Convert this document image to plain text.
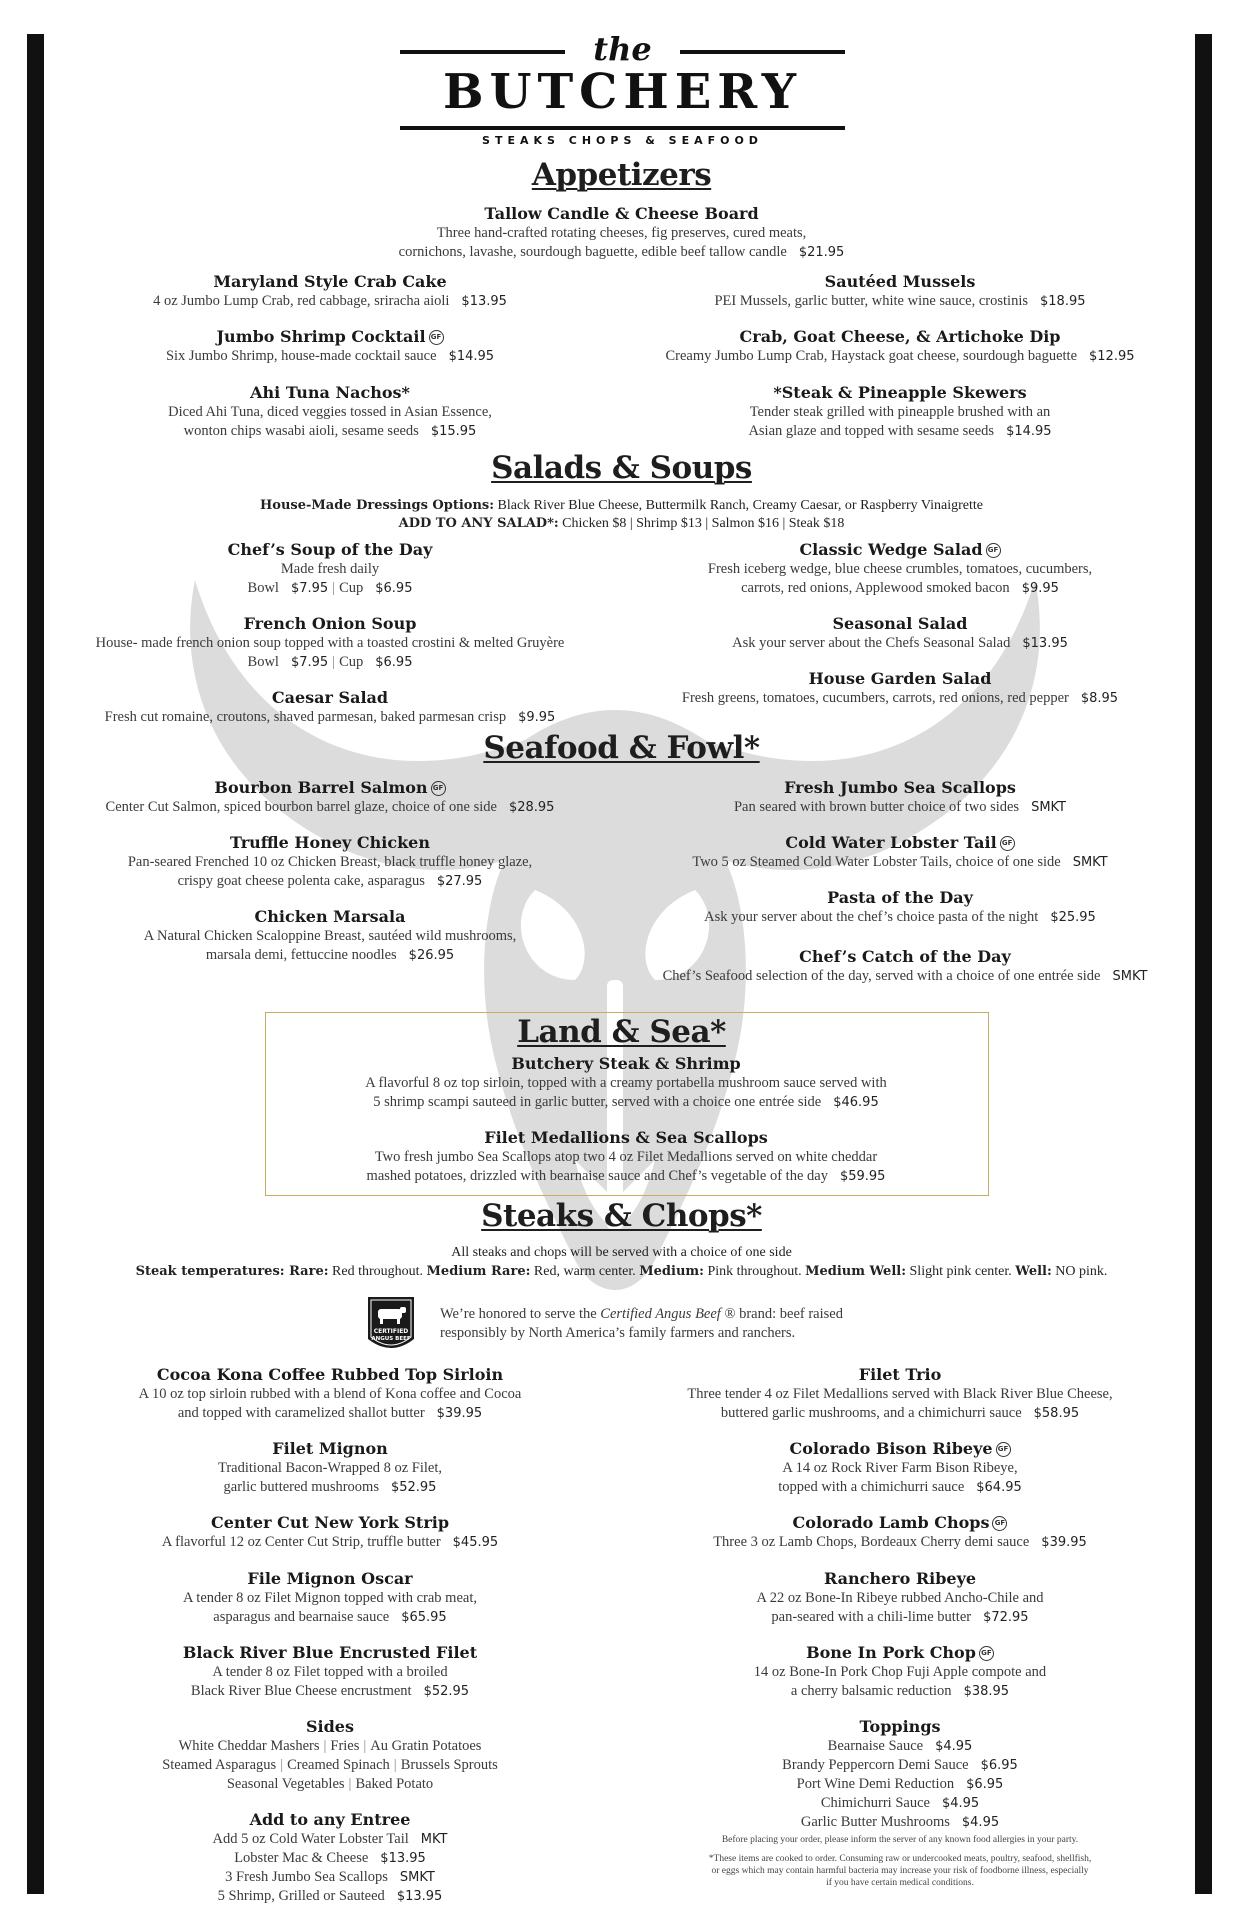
the
BUTCHERY
STEAKS CHOPS & SEAFOOD
Appetizers
Tallow Candle & Cheese Board
Three hand-crafted rotating cheeses, fig preserves, cured meats,
cornichons, lavashe, sourdough baguette, edible beef tallow candle $21.95
Maryland Style Crab Cake
4 oz Jumbo Lump Crab, red cabbage, sriracha aioli $13.95
Sautéed Mussels
PEI Mussels, garlic butter, white wine sauce, crostinis $18.95
Jumbo Shrimp Cocktail GF
Six Jumbo Shrimp, house-made cocktail sauce $14.95
Crab, Goat Cheese, & Artichoke Dip
Creamy Jumbo Lump Crab, Haystack goat cheese, sourdough baguette $12.95
Ahi Tuna Nachos*
Diced Ahi Tuna, diced veggies tossed in Asian Essence,
wonton chips wasabi aioli, sesame seeds $15.95
*Steak & Pineapple Skewers
Tender steak grilled with pineapple brushed with an
Asian glaze and topped with sesame seeds $14.95
Salads & Soups
House-Made Dressings Options: Black River Blue Cheese, Buttermilk Ranch, Creamy Caesar, or Raspberry Vinaigrette
ADD TO ANY SALAD*: Chicken $8 | Shrimp $13 | Salmon $16 | Steak $18
Chef’s Soup of the Day
Made fresh daily
Bowl $7.95 | Cup $6.95
Classic Wedge Salad GF
Fresh iceberg wedge, blue cheese crumbles, tomatoes, cucumbers,
carrots, red onions, Applewood smoked bacon $9.95
French Onion Soup
House- made french onion soup topped with a toasted crostini & melted Gruyère
Bowl $7.95 | Cup $6.95
Seasonal Salad
Ask your server about the Chefs Seasonal Salad $13.95
House Garden Salad
Fresh greens, tomatoes, cucumbers, carrots, red onions, red pepper $8.95
Caesar Salad
Fresh cut romaine, croutons, shaved parmesan, baked parmesan crisp $9.95
Seafood & Fowl*
Bourbon Barrel Salmon GF
Center Cut Salmon, spiced bourbon barrel glaze, choice of one side $28.95
Fresh Jumbo Sea Scallops
Pan seared with brown butter choice of two sides SMKT
Truffle Honey Chicken
Pan-seared Frenched 10 oz Chicken Breast, black truffle honey glaze,
crispy goat cheese polenta cake, asparagus $27.95
Cold Water Lobster Tail GF
Two 5 oz Steamed Cold Water Lobster Tails, choice of one side SMKT
Pasta of the Day
Ask your server about the chef’s choice pasta of the night $25.95
Chicken Marsala
A Natural Chicken Scaloppine Breast, sautéed wild mushrooms,
marsala demi, fettuccine noodles $26.95	Chef’s Catch of the Day
Chef’s Seafood selection of the day, served with a choice of one entrée side SMKT
Land & Sea*
Butchery Steak & Shrimp
A flavorful 8 oz top sirloin, topped with a creamy portabella mushroom sauce served with
5 shrimp scampi sauteed in garlic butter, served with a choice one entrée side $46.95
Filet Medallions & Sea Scallops
Two fresh jumbo Sea Scallops atop two 4 oz Filet Medallions served on white cheddar
mashed potatoes, drizzled with bearnaise sauce and Chef’s vegetable of the day $59.95
Steaks & Chops*
All steaks and chops will be served with a choice of one side
Steak temperatures: Rare: Red throughout. Medium Rare: Red, warm center. Medium: Pink throughout. Medium Well: Slight pink center. Well: NO pink.
CERTIFIED
ANGUS BEEF
We’re honored to serve the Certified Angus Beef ® brand: beef raised
responsibly by North America’s family farmers and ranchers.
Cocoa Kona Coffee Rubbed Top Sirloin
A 10 oz top sirloin rubbed with a blend of Kona coffee and Cocoa
and topped with caramelized shallot butter $39.95
Filet Trio
Three tender 4 oz Filet Medallions served with Black River Blue Cheese,
buttered garlic mushrooms, and a chimichurri sauce $58.95
Filet Mignon
Traditional Bacon-Wrapped 8 oz Filet,
garlic buttered mushrooms $52.95
Colorado Bison Ribeye GF
A 14 oz Rock River Farm Bison Ribeye,
topped with a chimichurri sauce $64.95
Center Cut New York Strip
A flavorful 12 oz Center Cut Strip, truffle butter $45.95
Colorado Lamb Chops GF
Three 3 oz Lamb Chops, Bordeaux Cherry demi sauce $39.95
File Mignon Oscar
A tender 8 oz Filet Mignon topped with crab meat,
asparagus and bearnaise sauce $65.95
Ranchero Ribeye
A 22 oz Bone-In Ribeye rubbed Ancho-Chile and
pan-seared with a chili-lime butter $72.95
Black River Blue Encrusted Filet
A tender 8 oz Filet topped with a broiled
Black River Blue Cheese encrustment $52.95
Bone In Pork Chop GF
14 oz Bone-In Pork Chop Fuji Apple compote and
a cherry balsamic reduction $38.95
Sides
White Cheddar Mashers | Fries | Au Gratin Potatoes
Steamed Asparagus | Creamed Spinach | Brussels Sprouts
Seasonal Vegetables | Baked Potato
Toppings
Bearnaise Sauce $4.95
Brandy Peppercorn Demi Sauce $6.95
Port Wine Demi Reduction $6.95
Chimichurri Sauce $4.95
Garlic Butter Mushrooms $4.95
Add to any Entree
Add 5 oz Cold Water Lobster Tail MKT
Lobster Mac & Cheese $13.95
3 Fresh Jumbo Sea Scallops SMKT
5 Shrimp, Grilled or Sauteed $13.95
Before placing your order, please inform the server of any known food allergies in your party.
*These items are cooked to order. Consuming raw or undercooked meats, poultry, seafood, shellfish,
or eggs which may contain harmful bacteria may increase your risk of foodborne illness, especially
if you have certain medical conditions.
